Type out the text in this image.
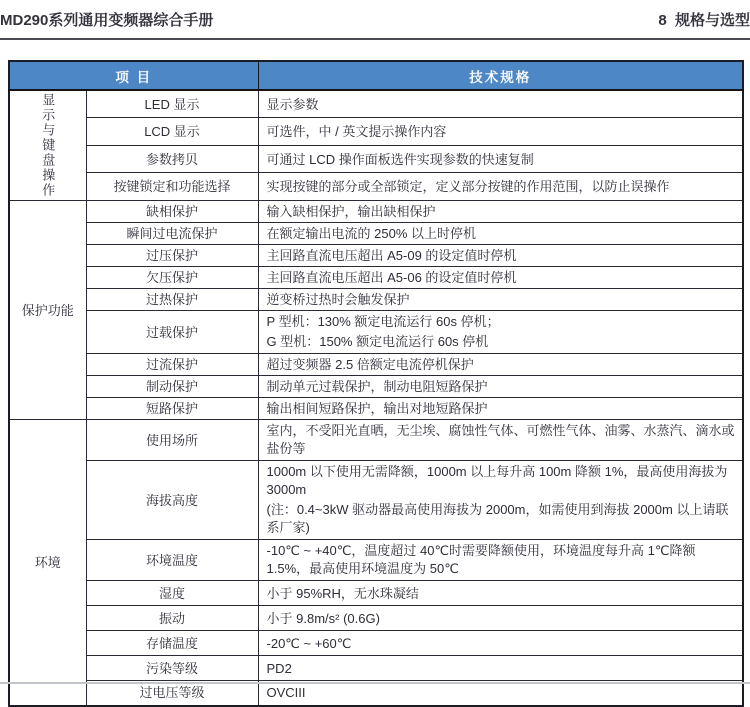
MD290系列通用变频器综合手册	8  规格与选型
项 目		技术规格

显示与键盘操作	LED 显示	显示参数
	LCD 显示	可选件，中 / 英文提示操作内容
	参数拷贝	可通过 LCD 操作面板选件实现参数的快速复制
	按键锁定和功能选择	实现按键的部分或全部锁定，定义部分按键的作用范围，以防止误操作
保护功能	缺相保护	输入缺相保护，输出缺相保护
	瞬间过电流保护	在额定输出电流的 250% 以上时停机
	过压保护	主回路直流电压超出 A5-09 的设定值时停机
	欠压保护	主回路直流电压超出 A5-06 的设定值时停机
	过热保护	逆变桥过热时会触发保护
	过载保护	P 型机：130% 额定电流运行 60s 停机；
G 型机：150% 额定电流运行 60s 停机

	过流保护	超过变频器 2.5 倍额定电流停机保护
	制动保护	制动单元过载保护，制动电阻短路保护
	短路保护	输出相间短路保护，输出对地短路保护
环境	使用场所	室内，不受阳光直晒，无尘埃、腐蚀性气体、可燃性气体、油雾、水蒸汽、滴水或盐份等
	海拔高度	1000m 以下使用无需降额，1000m 以上每升高 100m 降额 1%，最高使用海拔为 3000m
(注：0.4~3kW 驱动器最高使用海拔为 2000m，如需使用到海拔 2000m 以上请联系厂家)

	环境温度	-10℃ ~ +40℃，温度超过 40℃时需要降额使用，环境温度每升高 1℃降额 1.5%，最高使用环境温度为 50℃
	湿度	小于 95%RH，无水珠凝结
	振动	小于 9.8m/s² (0.6G)
	存储温度	-20℃ ~ +60℃
	污染等级	PD2
	过电压等级	OVCIII
